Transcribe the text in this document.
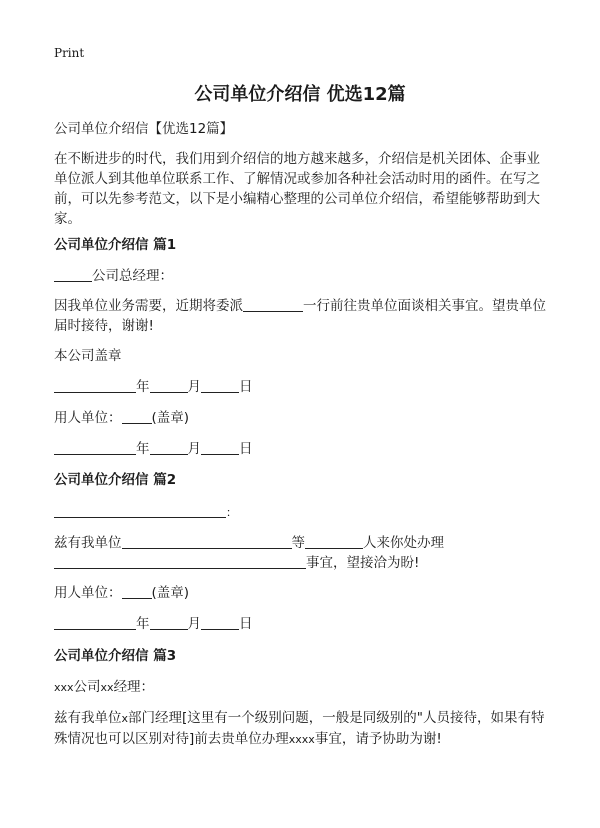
Print
公司单位介绍信 优选12篇
公司单位介绍信【优选12篇】
在不断进步的时代，我们用到介绍信的地方越来越多，介绍信是机关团体、企事业单位派人到其他单位联系工作、了解情况或参加各种社会活动时用的函件。在写之前，可以先参考范文，以下是小编精心整理的公司单位介绍信，希望能够帮助到大家。
公司单位介绍信 篇1
公司总经理：
因我单位业务需要，近期将委派	一行前往贵单位面谈相关事宜。望贵单位届时接待，谢谢!
本公司盖章
年	月	日
用人单位： (盖章)
年	月	日
公司单位介绍信 篇2
：
兹有我单位	等	人来你处办理
事宜，望接洽为盼!
用人单位： (盖章)
年	月	日
公司单位介绍信 篇3
xxx公司xx经理：
兹有我单位x部门经理[这里有一个级别问题，一般是同级别的"人员接待，如果有特殊情况也可以区别对待]前去贵单位办理xxxx事宜，请予协助为谢!
